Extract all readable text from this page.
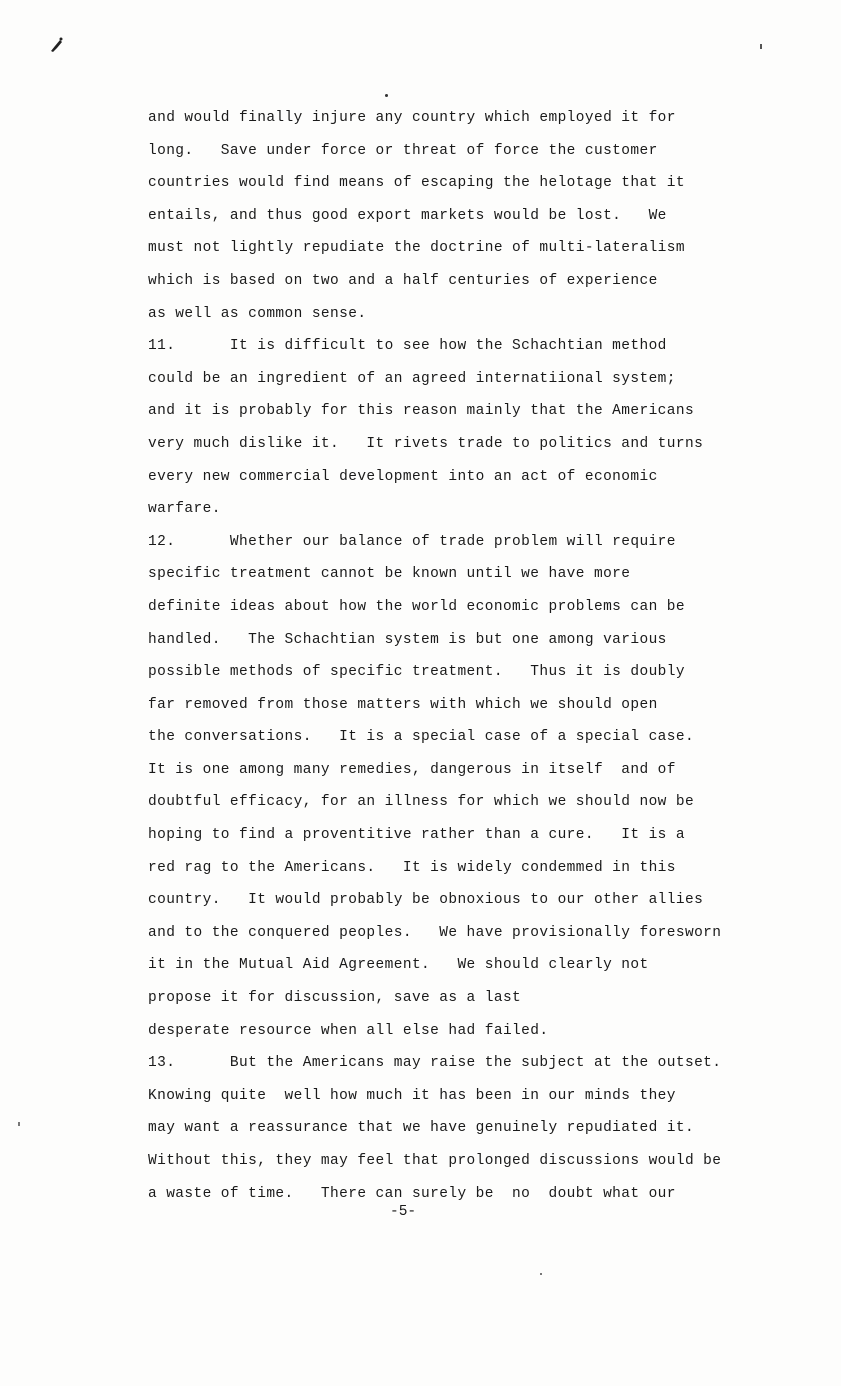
and would finally injure any country which employed it for
long.   Save under force or threat of force the customer
countries would find means of escaping the helotage that it
entails, and thus good export markets would be lost.   We
must not lightly repudiate the doctrine of multi-lateralism
which is based on two and a half centuries of experience
as well as common sense.
11.      It is difficult to see how the Schachtian method
could be an ingredient of an agreed internatiional system;
and it is probably for this reason mainly that the Americans
very much dislike it.   It rivets trade to politics and turns
every new commercial development into an act of economic
warfare.
12.      Whether our balance of trade problem will require
specific treatment cannot be known until we have more
definite ideas about how the world economic problems can be
handled.   The Schachtian system is but one among various
possible methods of specific treatment.   Thus it is doubly
far removed from those matters with which we should open
the conversations.   It is a special case of a special case.
It is one among many remedies, dangerous in itself  and of
doubtful efficacy, for an illness for which we should now be
hoping to find a proventitive rather than a cure.   It is a
red rag to the Americans.   It is widely condemmed in this
country.   It would probably be obnoxious to our other allies
and to the conquered peoples.   We have provisionally foresworn
it in the Mutual Aid Agreement.   We should clearly not
propose it for discussion, save as a last
desperate resource when all else had failed.
13.      But the Americans may raise the subject at the outset.
Knowing quite  well how much it has been in our minds they
may want a reassurance that we have genuinely repudiated it.
Without this, they may feel that prolonged discussions would be
a waste of time.   There can surely be  no  doubt what our
-5-
